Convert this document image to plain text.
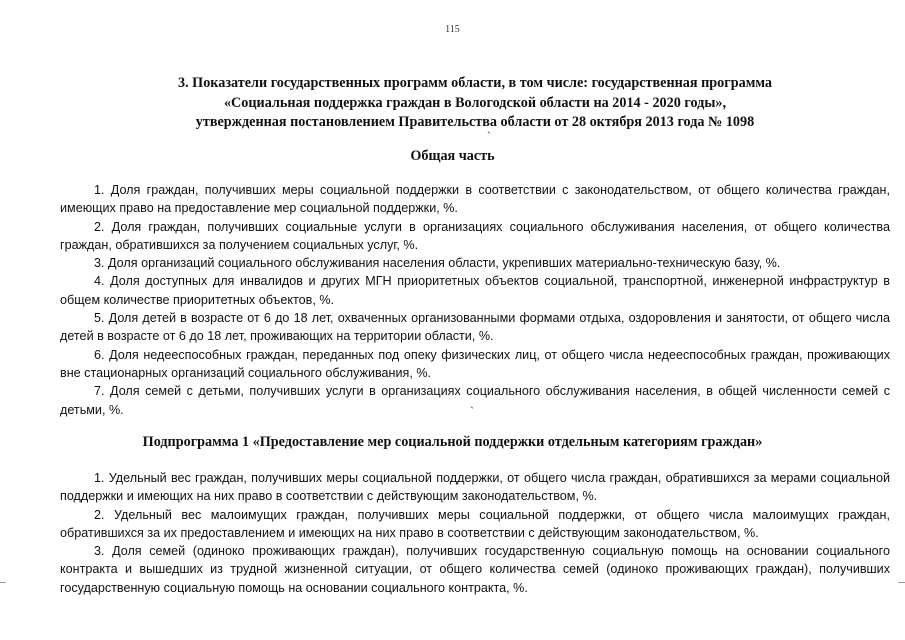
115
3. Показатели государственных программ области, в том числе: государственная программа
«Социальная поддержка граждан в Вологодской области на 2014 - 2020 годы»,
утвержденная постановлением Правительства области от 28 октября 2013 года № 1098
`
Общая часть

1. Доля граждан, получивших меры социальной поддержки в соответствии с законодательством, от общего количества граждан, имеющих право на предоставление мер социальной поддержки, %.

2. Доля граждан, получивших социальные услуги в организациях социального обслуживания населения, от общего количества граждан, обратившихся за получением социальных услуг, %.

3. Доля организаций социального обслуживания населения области, укрепивших материально-техническую базу, %.

4. Доля доступных для инвалидов и других МГН приоритетных объектов социальной, транспортной, инженерной инфраструктур в общем количестве приоритетных объектов, %.

5. Доля детей в возрасте от 6 до 18 лет, охваченных организованными формами отдыха, оздоровления и занятости, от общего числа детей в возрасте от 6 до 18 лет, проживающих на территории области, %.

6. Доля недееспособных граждан, переданных под опеку физических лиц, от общего числа недееспособных граждан, проживающих вне стационарных организаций социального обслуживания, %.

7. Доля семей с детьми, получивших услуги в организациях социального обслуживания населения, в общей численности семей с детьми, %.	`
Подпрограмма 1 «Предоставление мер социальной поддержки отдельным категориям граждан»

1. Удельный вес граждан, получивших меры социальной поддержки, от общего числа граждан, обратившихся за мерами социальной поддержки и имеющих на них право в соответствии с действующим законодательством, %.

2. Удельный вес малоимущих граждан, получивших меры социальной поддержки, от общего числа малоимущих граждан, обратившихся за их предоставлением и имеющих на них право в соответствии с действующим законодательством, %.

3. Доля семей (одиноко проживающих граждан), получивших государственную социальную помощь на основании социального контракта и вышедших из трудной жизненной ситуации, от общего количества семей (одиноко проживающих граждан), получивших государственную социальную помощь на основании социального контракта, %.
